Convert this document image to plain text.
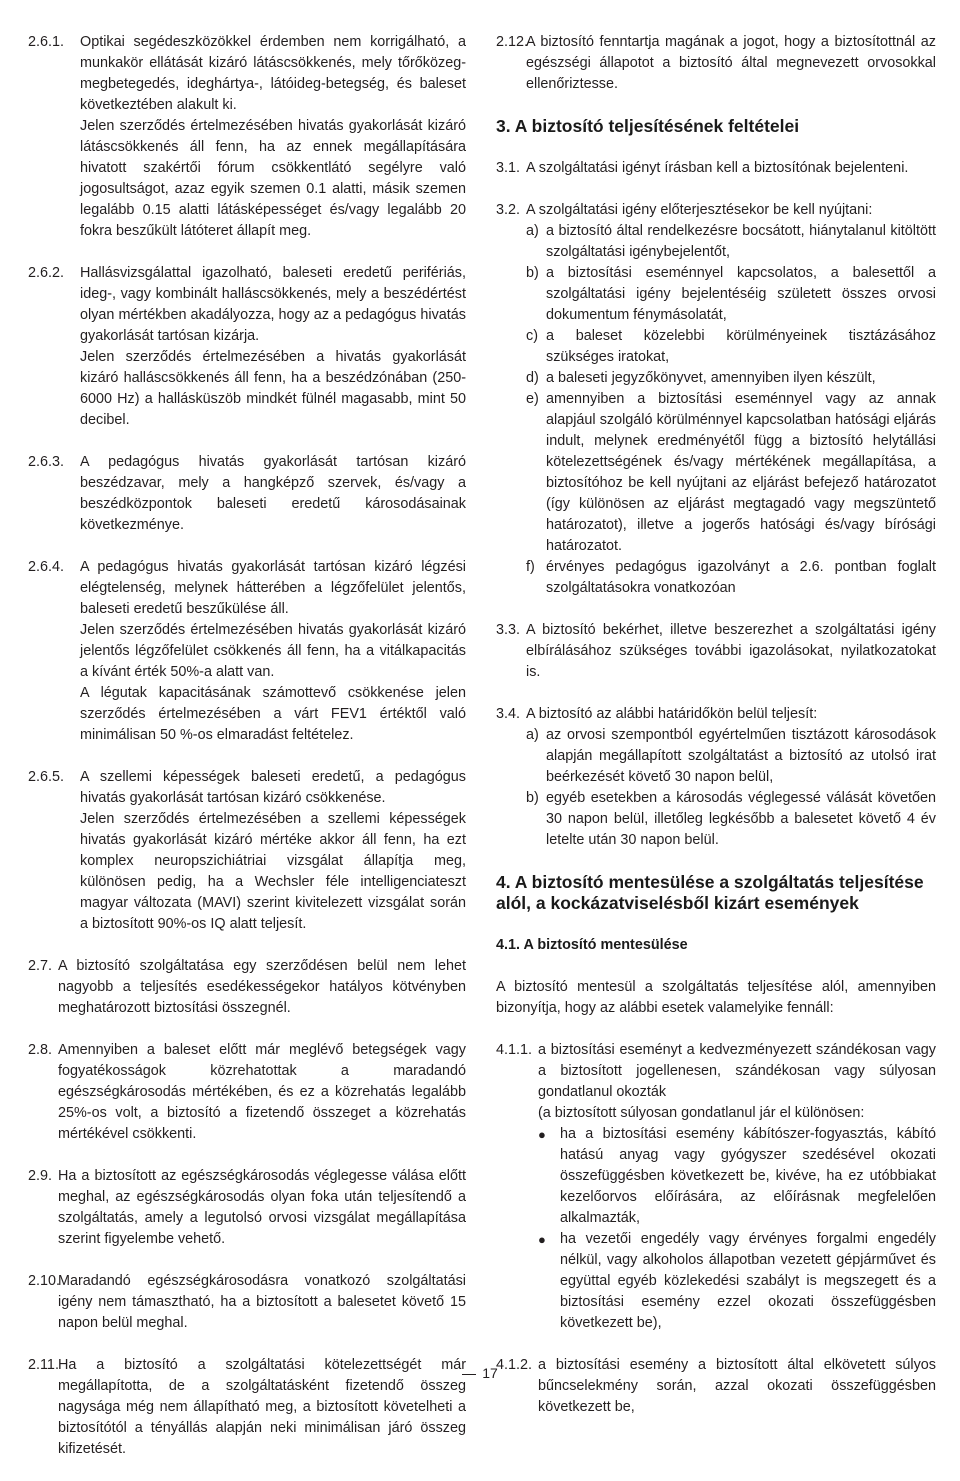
2.6.1.	Optikai segédeszközökkel érdemben nem korrigálható, a munkakör ellátását kizáró látáscsökkenés, mely tőrőközeg-megbetegedés, ideghártya-, látóideg-betegség, és baleset következtében alakult ki.

Jelen szerződés értelmezésében hivatás gyakorlását kizáró látáscsökkenés áll fenn, ha az ennek megállapítására hivatott szakértői fórum csökkentlátó segélyre való jogosultságot, azaz egyik szemen 0.1 alatti, másik szemen legalább 0.15 alatti látásképességet és/vagy legalább 20 fokra beszűkült látóteret állapít meg.

2.6.2.	Hallásvizsgálattal igazolható, baleseti eredetű perifériás, ideg-, vagy kombinált halláscsökkenés, mely a beszédértést olyan mértékben akadályozza, hogy az a pedagógus hivatás gyakorlását tartósan kizárja.

Jelen szerződés értelmezésében a hivatás gyakorlását kizáró halláscsökkenés áll fenn, ha a beszédzónában (250-6000 Hz) a hallásküszöb mindkét fülnél magasabb, mint 50 decibel.

2.6.3.	A pedagógus hivatás gyakorlását tartósan kizáró beszédzavar, mely a hangképző szervek, és/vagy a beszédközpontok baleseti eredetű károsodásainak következménye.

2.6.4.	A pedagógus hivatás gyakorlását tartósan kizáró légzési elégtelenség, melynek hátterében a légzőfelület jelentős, baleseti eredetű beszűkülése áll.

Jelen szerződés értelmezésében hivatás gyakorlását kizáró jelentős légzőfelület csökkenés áll fenn, ha a vitálkapacitás a kívánt érték 50%-a alatt van.

A légutak kapacitásának számottevő csökkenése jelen szerződés értelmezésében a várt FEV1 értéktől való minimálisan 50 %-os elmaradást feltételez.

2.6.5.	A szellemi képességek baleseti eredetű, a pedagógus hivatás gyakorlását tartósan kizáró csökkenése.

Jelen szerződés értelmezésében a szellemi képességek hivatás gyakorlását kizáró mértéke akkor áll fenn, ha ezt komplex neuropszichiátriai vizsgálat állapítja meg, különösen pedig, ha a Wechsler féle intelligenciateszt magyar változata (MAVI) szerint kivitelezett vizsgálat során a biztosított 90%-os IQ alatt teljesít.

2.7. A biztosító szolgáltatása egy szerződésen belül nem lehet nagyobb a teljesítés esedékességekor hatályos kötvényben meghatározott biztosítási összegnél.

2.8. Amennyiben a baleset előtt már meglévő betegségek vagy fogyatékosságok közrehatottak a maradandó egészségkárosodás mértékében, és ez a közrehatás legalább 25%-os volt, a biztosító a fizetendő összeget a közrehatás mértékével csökkenti.

2.9. Ha a biztosított az egészségkárosodás véglegesse válása előtt meghal, az egészségkárosodás olyan foka után teljesítendő a szolgáltatás, amely a legutolsó orvosi vizsgálat megállapítása szerint figyelembe vehető.

2.10.

Maradandó egészségkárosodásra vonatkozó szolgáltatási igény nem támasztható, ha a biztosított a balesetet követő 15 napon belül meghal.

2.11. Ha a biztosító a szolgáltatási kötelezettségét már megállapította, de a szolgáltatásként fizetendő összeg nagysága még nem állapítható meg, a biztosított követelheti a biztosítótól a tényállás alapján neki minimálisan járó összeg kifizetését.

2.12.

A biztosító fenntartja magának a jogot, hogy a biztosítottnál az egészségi állapotot a biztosító által megnevezett orvosokkal ellenőriztesse.

3. A biztosító teljesítésének feltételei
3.1. A szolgáltatási igényt írásban kell a biztosítónak bejelenteni.

3.2. A szolgáltatási igény előterjesztésekor be kell nyújtani:

a) a biztosító által rendelkezésre bocsátott, hiánytalanul kitöltött szolgáltatási igénybejelentőt,
b) a biztosítási eseménnyel kapcsolatos, a balesettől a szolgáltatási igény bejelentéséig született összes orvosi dokumentum fénymásolatát,
c) a baleset közelebbi körülményeinek tisztázásához szükséges iratokat,
d) a baleseti jegyzőkönyvet, amennyiben ilyen készült,
e) amennyiben a biztosítási eseménnyel vagy az annak alapjául szolgáló körülménnyel kapcsolatban hatósági eljárás indult, melynek eredményétől függ a biztosító helytállási kötelezettségének és/vagy mértékének megállapítása, a biztosítóhoz be kell nyújtani az eljárást befejező határozatot (így különösen az eljárást megtagadó vagy megszüntető határozatot), illetve a jogerős hatósági és/vagy bírósági határozatot.
f) érvényes pedagógus igazolványt a 2.6. pontban foglalt szolgáltatásokra vonatkozóan
3.3. A biztosító bekérhet, illetve beszerezhet a szolgáltatási igény elbírálásához szükséges további igazolásokat, nyilatkozatokat is.

3.4. A biztosító az alábbi határidőkön belül teljesít:

a) az orvosi szempontból egyértelműen tisztázott károsodások alapján megállapított szolgáltatást a biztosító az utolsó irat beérkezését követő 30 napon belül,
b) egyéb esetekben a károsodás véglegessé válását követően 30 napon belül, illetőleg legkésőbb a balesetet követő 4 év letelte után 30 napon belül.
4. A biztosító mentesülése a szolgáltatás teljesítése alól, a kockázatviselésből kizárt események
4.1. A biztosító mentesülése

A biztosító mentesül a szolgáltatás teljesítése alól, amennyiben bizonyítja, hogy az alábbi esetek valamelyike fennáll:

4.1.1. a biztosítási eseményt a kedvezményezett szándékosan vagy a biztosított jogellenesen, szándékosan vagy súlyosan gondatlanul okozták

(a biztosított súlyosan gondatlanul jár el különösen:

● ha a biztosítási esemény kábítószer-fogyasztás, kábító hatású anyag vagy gyógyszer szedésével okozati összefüggésben következett be, kivéve, ha ez utóbbiakat kezelőorvos előírására, az előírásnak megfelelően alkalmazták,
● ha vezetői engedély vagy érvényes forgalmi engedély nélkül, vagy alkoholos állapotban vezetett gépjárművet és együttal egyéb közlekedési szabályt is megszegett és a biztosítási esemény ezzel okozati összefüggésben következett be),
4.1.2. a biztosítási esemény a biztosított által elkövetett súlyos bűncselekmény során, azzal okozati összefüggésben következett be,

17
